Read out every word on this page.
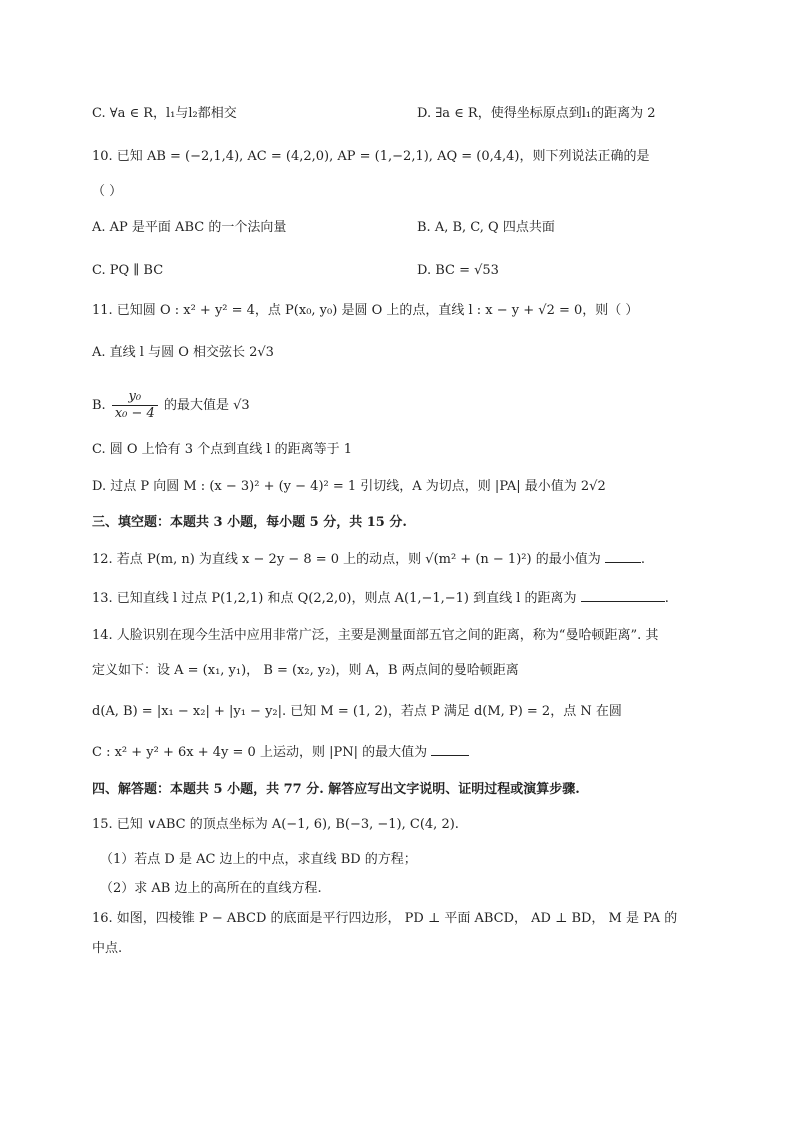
C. ∀a ∈ R，l₁与l₂都相交	D. ∃a ∈ R，使得坐标原点到l₁的距离为 2
10. 已知 AB = (−2,1,4), AC = (4,2,0), AP = (1,−2,1), AQ = (0,4,4)，则下列说法正确的是
（ ）
A. AP 是平面 ABC 的一个法向量	B. A, B, C, Q 四点共面
C. PQ ∥ BC	D. BC = √53
11. 已知圆 O : x² + y² = 4，点 P(x₀, y₀) 是圆 O 上的点，直线 l : x − y + √2 = 0，则（ ）
A. 直线 l 与圆 O 相交弦长 2√3
B. $\frac{\text{y₀}}{\text{x₀ − 4}}$ 的最大值是 √3
C. 圆 O 上恰有 3 个点到直线 l 的距离等于 1
D. 过点 P 向圆 M : (x − 3)² + (y − 4)² = 1 引切线，A 为切点，则 |PA| 最小值为 2√2
三、填空题：本题共 3 小题，每小题 5 分，共 15 分.
12. 若点 P(m, n) 为直线 x − 2y − 8 = 0 上的动点，则 √(m² + (n − 1)²) 的最小值为	.
13. 已知直线 l 过点 P(1,2,1) 和点 Q(2,2,0)，则点 A(1,−1,−1) 到直线 l 的距离为	.
14. 人脸识别在现今生活中应用非常广泛，主要是测量面部五官之间的距离，称为“曼哈顿距离”. 其
定义如下：设 A = (x₁, y₁)， B = (x₂, y₂)，则 A，B 两点间的曼哈顿距离
d(A, B) = |x₁ − x₂| + |y₁ − y₂|. 已知 M = (1, 2)，若点 P 满足 d(M, P) = 2，点 N 在圆
C : x² + y² + 6x + 4y = 0 上运动，则 |PN| 的最大值为
四、解答题：本题共 5 小题，共 77 分. 解答应写出文字说明、证明过程或演算步骤.
15. 已知 ∨ABC 的顶点坐标为 A(−1, 6), B(−3, −1), C(4, 2).
（1）若点 D 是 AC 边上的中点，求直线 BD 的方程；
（2）求 AB 边上的高所在的直线方程.
16. 如图，四棱锥 P − ABCD 的底面是平行四边形， PD ⊥ 平面 ABCD， AD ⊥ BD， M 是 PA 的
中点.
